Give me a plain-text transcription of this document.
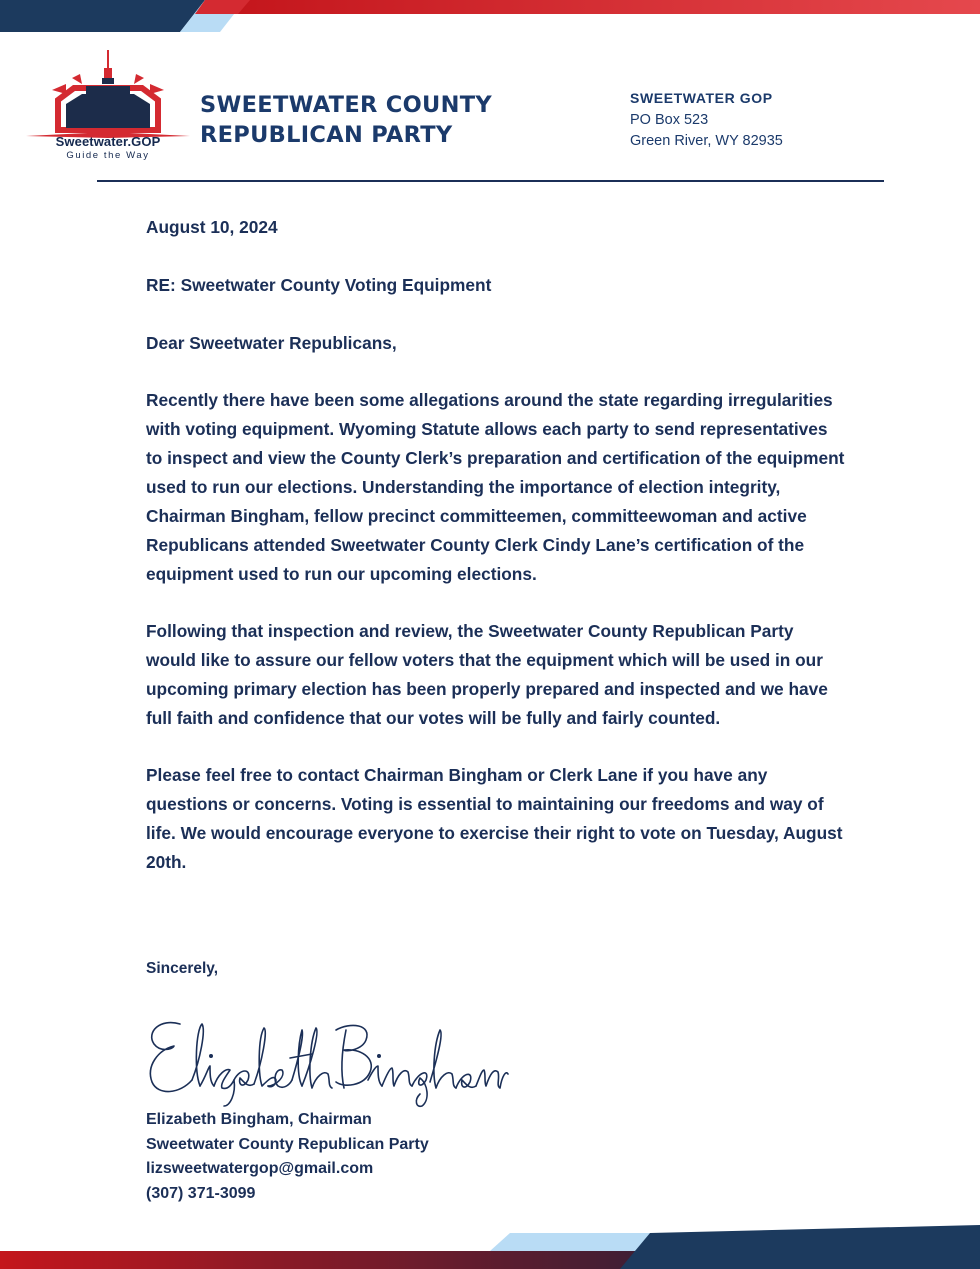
Sweetwater.GOP
Guide the Way
SWEETWATER COUNTY
REPUBLICAN PARTY
SWEETWATER GOP
PO Box 523
Green River, WY 82935

August 10, 2024

RE: Sweetwater County Voting Equipment

Dear Sweetwater Republicans,

Recently there have been some allegations around the state regarding irregularities with voting equipment. Wyoming Statute allows each party to send representatives to inspect and view the County Clerk’s preparation and certification of the equipment used to run our elections. Understanding the importance of election integrity, Chairman Bingham, fellow precinct committeemen, committeewoman and active Republicans attended Sweetwater County Clerk Cindy Lane’s certification of the equipment used to run our upcoming elections.

Following that inspection and review, the Sweetwater County Republican Party would like to assure our fellow voters that the equipment which will be used in our upcoming primary election has been properly prepared and inspected and we have full faith and confidence that our votes will be fully and fairly counted.

Please feel free to contact Chairman Bingham or Clerk Lane if you have any questions or concerns. Voting is essential to maintaining our freedoms and way of life. We would encourage everyone to exercise their right to vote on Tuesday, August 20th.

Sincerely,
Elizabeth Bingham, Chairman
Sweetwater County Republican Party
lizsweetwatergop@gmail.com
(307) 371-3099
